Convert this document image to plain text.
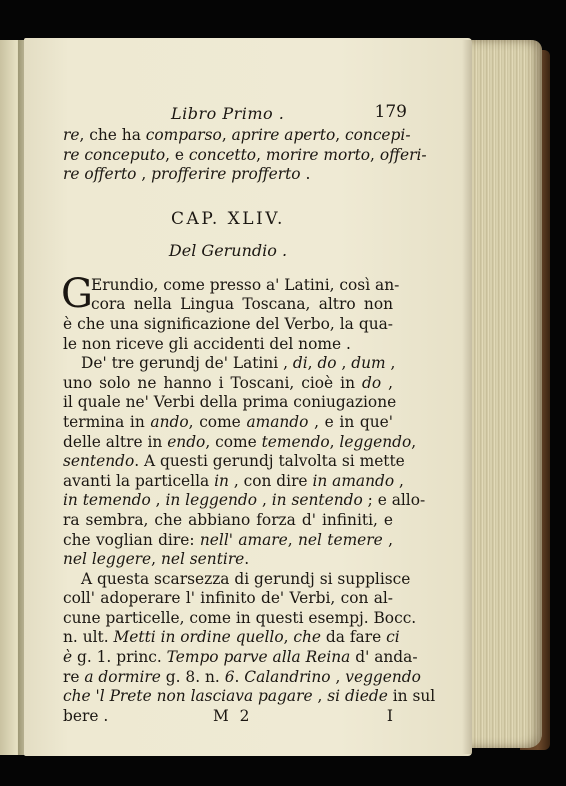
Libro Primo .	179
re, che ha comparso, aprire aperto, concepi-
re conceputo, e concetto, morire morto, offeri-
re offerto , profferire profferto .
CAP. XLIV.
Del Gerundio .
G
Erundio, come presso a' Latini, così an-
cora nella Lingua Toscana, altro non
è che una significazione del Verbo, la qua-
le non riceve gli accidenti del nome .
De' tre gerundj de' Latini , di, do , dum ,
uno solo ne hanno i Toscani, cioè in do ,
il quale ne' Verbi della prima coniugazione
termina in ando, come amando , e in que'
delle altre in endo, come temendo, leggendo,
sentendo. A questi gerundj talvolta si mette
avanti la particella in , con dire in amando ,
in temendo , in leggendo , in sentendo ; e allo-
ra sembra, che abbiano forza d' infiniti, e
che voglian dire: nell' amare, nel temere ,
nel leggere, nel sentire.
A questa scarsezza di gerundj si supplisce
coll' adoperare l' infinito de' Verbi, con al-
cune particelle, come in questi esempj. Bocc.
n. ult. Metti in ordine quello, che da fare ci
è g. 1. princ. Tempo parve alla Reina d' anda-
re a dormire g. 8. n. 6. Calandrino , veggendo
che 'l Prete non lasciava pagare , si diede in sul
bere .	M 2	I
